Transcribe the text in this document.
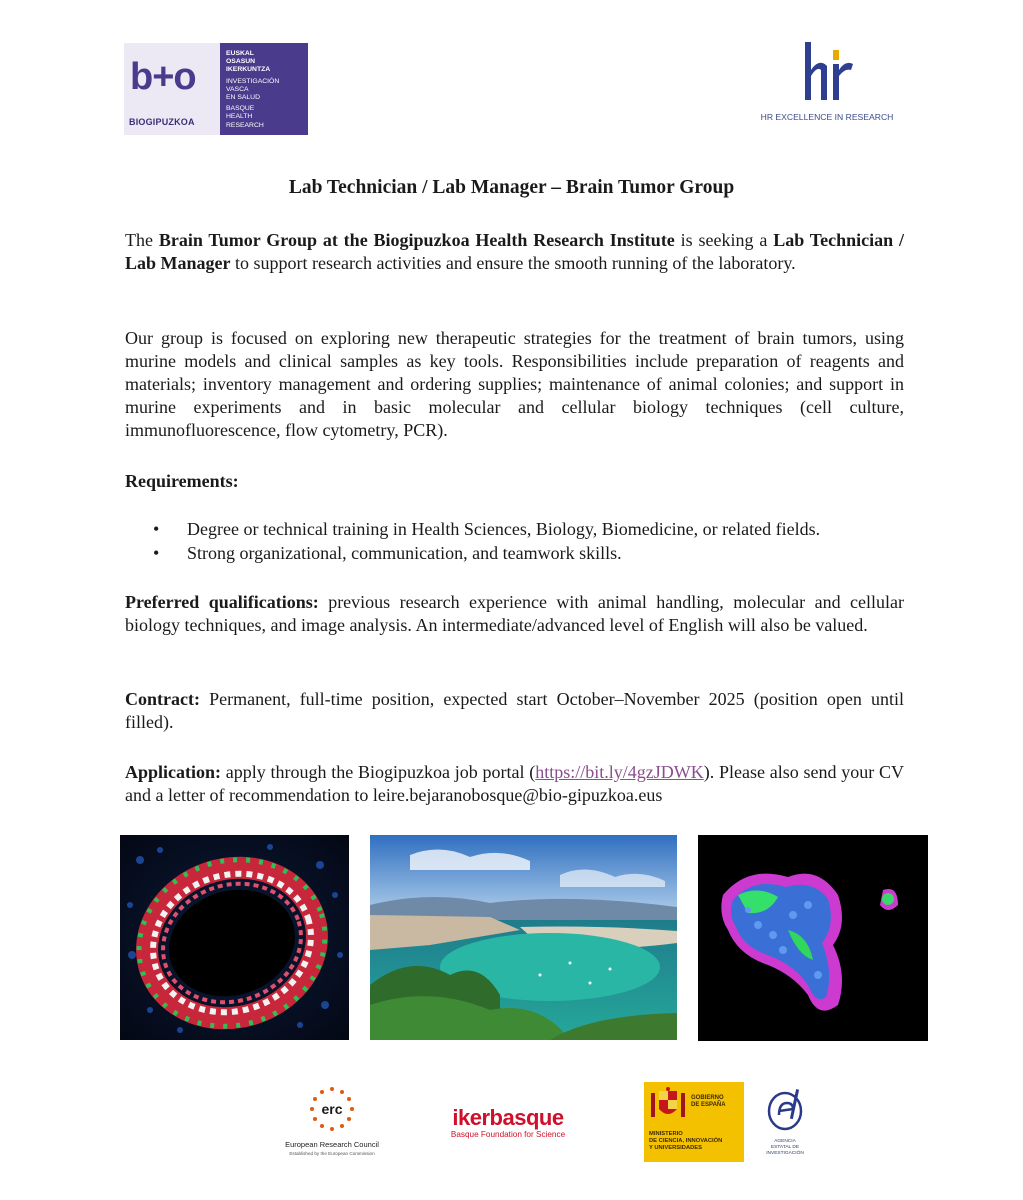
b+o
BIOGIPUZKOA
EUSKAL
OSASUN
IKERKUNTZA
INVESTIGACIÓN
VASCA
EN SALUD
BASQUE
HEALTH
RESEARCH
HR EXCELLENCE IN RESEARCH
Lab Technician / Lab Manager – Brain Tumor Group
The Brain Tumor Group at the Biogipuzkoa Health Research Institute is seeking a Lab Technician / Lab Manager to support research activities and ensure the smooth running of the laboratory.
Our group is focused on exploring new therapeutic strategies for the treatment of brain tumors, using murine models and clinical samples as key tools. Responsibilities include preparation of reagents and materials; inventory management and ordering supplies; maintenance of animal colonies; and support in murine experiments and in basic molecular and cellular biology techniques (cell culture, immunofluorescence, flow cytometry, PCR).
Requirements:
• Degree or technical training in Health Sciences, Biology, Biomedicine, or related fields.
• Strong organizational, communication, and teamwork skills.
Preferred qualifications: previous research experience with animal handling, molecular and cellular biology techniques, and image analysis. An intermediate/advanced level of English will also be valued.
Contract: Permanent, full-time position, expected start October–November 2025 (position open until filled).
Application: apply through the Biogipuzkoa job portal (https://bit.ly/4gzJDWK). Please also send your CV and a letter of recommendation to leire.bejaranobosque@bio-gipuzkoa.eus
erc
European Research Council
Established by the European Commission
ikerbasque
Basque Foundation for Science
GOBIERNO
DE ESPAÑA
MINISTERIO
DE CIENCIA, INNOVACIÓN
Y UNIVERSIDADES
AGENCIA
ESTATAL DE
INVESTIGACIÓN
